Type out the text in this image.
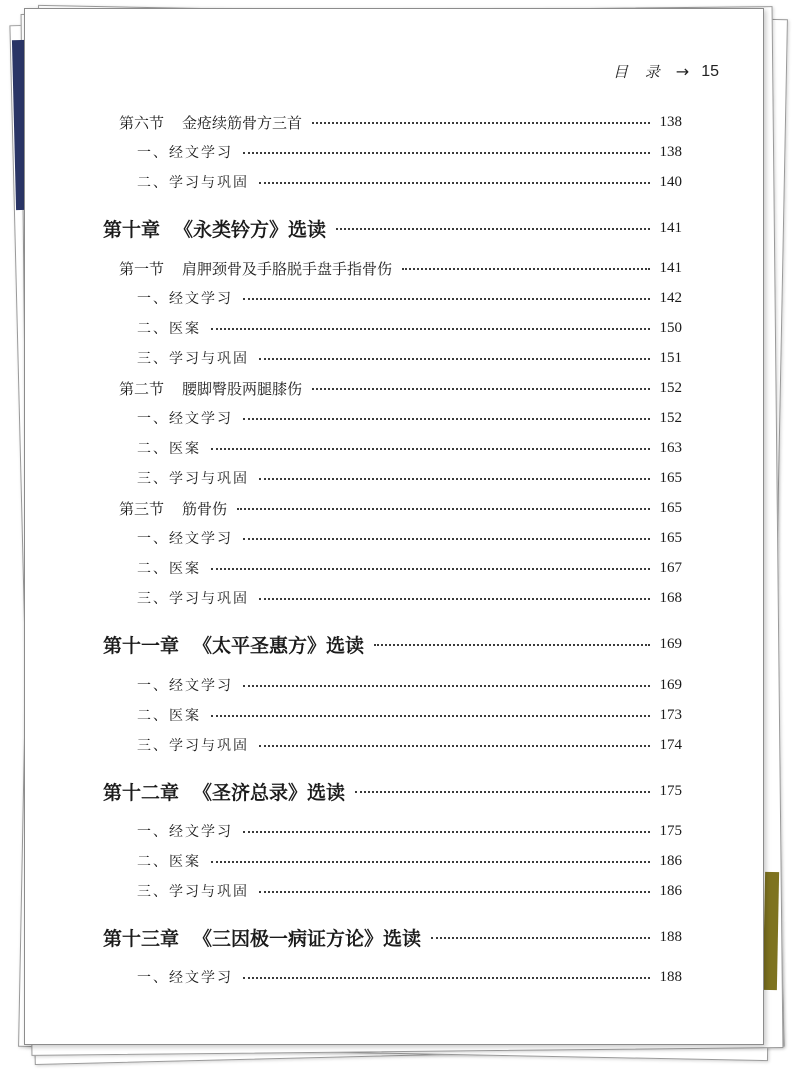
目 录 → 15
第六节 金疮续筋骨方三首	138
一、经文学习	138
二、学习与巩固	140
第十章 《永类钤方》选读	141
第一节 肩胛颈骨及手胳脱手盘手指骨伤	141
一、经文学习	142
二、医案	150
三、学习与巩固	151
第二节 腰脚臀股两腿膝伤	152
一、经文学习	152
二、医案	163
三、学习与巩固	165
第三节 筋骨伤	165
一、经文学习	165
二、医案	167
三、学习与巩固	168
第十一章 《太平圣惠方》选读	169
一、经文学习	169
二、医案	173
三、学习与巩固	174
第十二章 《圣济总录》选读	175
一、经文学习	175
二、医案	186
三、学习与巩固	186
第十三章 《三因极一病证方论》选读	188
一、经文学习	188
